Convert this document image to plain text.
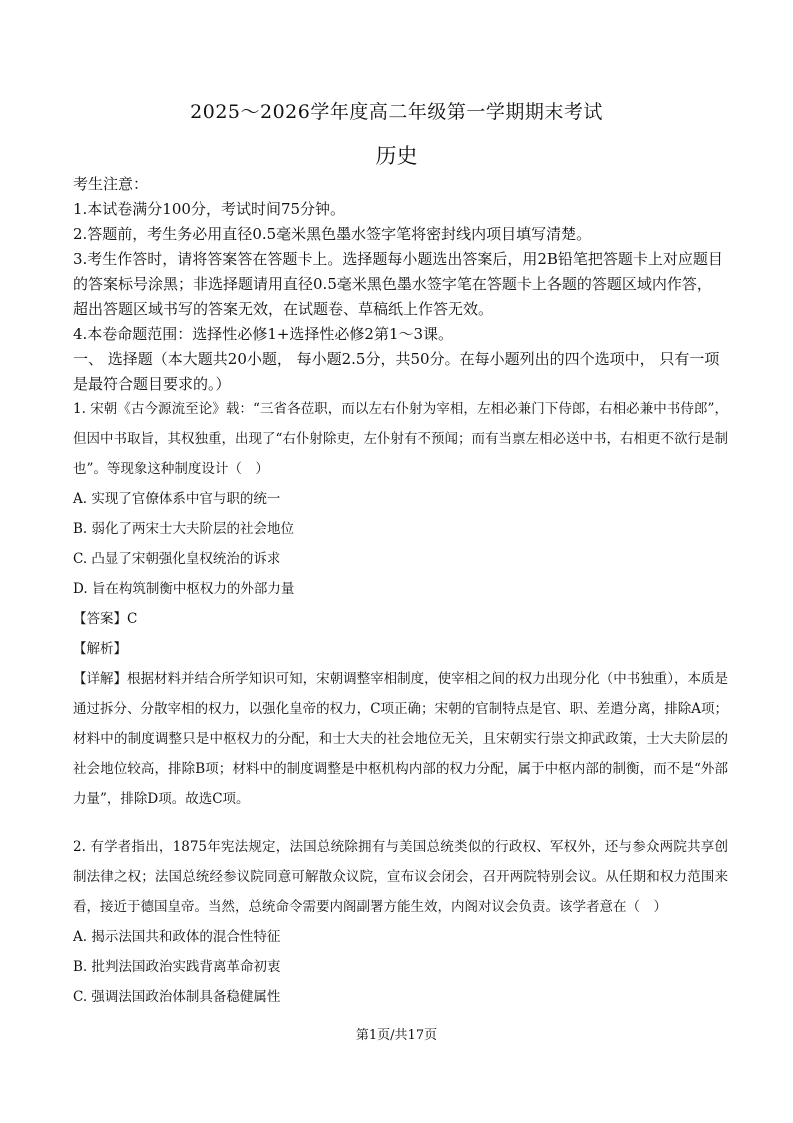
2025～2026学年度高二年级第一学期期末考试
历史

考生注意：

1.本试卷满分100分，考试时间75分钟。

2.答题前，考生务必用直径0.5毫米黑色墨水签字笔将密封线内项目填写清楚。

3.考生作答时，请将答案答在答题卡上。选择题每小题选出答案后，用2B铅笔把答题卡上对应题目的答案标号涂黑；非选择题请用直径0.5毫米黑色墨水签字笔在答题卡上各题的答题区域内作答，超出答题区域书写的答案无效，在试题卷、草稿纸上作答无效。

4.本卷命题范围：选择性必修1+选择性必修2第1～3课。

一、 选择题（本大题共20小题， 每小题2.5分，共50分。在每小题列出的四个选项中， 只有一项是最符合题目要求的。）

1. 宋朝《古今源流至论》载：“三省各莅职，而以左右仆射为宰相，左相必兼门下侍郎，右相必兼中书侍郎”，但因中书取旨，其权独重，出现了“右仆射除吏，左仆射有不预闻；而有当禀左相必送中书，右相更不欲行是制也”。等现象这种制度设计（　）

A. 实现了官僚体系中官与职的统一

B. 弱化了两宋士大夫阶层的社会地位

C. 凸显了宋朝强化皇权统治的诉求

D. 旨在构筑制衡中枢权力的外部力量

【答案】C

【解析】

【详解】根据材料并结合所学知识可知，宋朝调整宰相制度，使宰相之间的权力出现分化（中书独重），本质是通过拆分、分散宰相的权力，以强化皇帝的权力，C项正确；宋朝的官制特点是官、职、差遣分离，排除A项；材料中的制度调整只是中枢权力的分配，和士大夫的社会地位无关，且宋朝实行崇文抑武政策，士大夫阶层的社会地位较高，排除B项；材料中的制度调整是中枢机构内部的权力分配，属于中枢内部的制衡，而不是“外部力量”，排除D项。故选C项。

2. 有学者指出，1875年宪法规定，法国总统除拥有与美国总统类似的行政权、军权外，还与参众两院共享创制法律之权；法国总统经参议院同意可解散众议院，宣布议会闭会，召开两院特别会议。从任期和权力范围来看，接近于德国皇帝。当然，总统命令需要内阁副署方能生效，内阁对议会负责。该学者意在（　）

A. 揭示法国共和政体的混合性特征

B. 批判法国政治实践背离革命初衷

C. 强调法国政治体制具备稳健属性

第1页/共17页
